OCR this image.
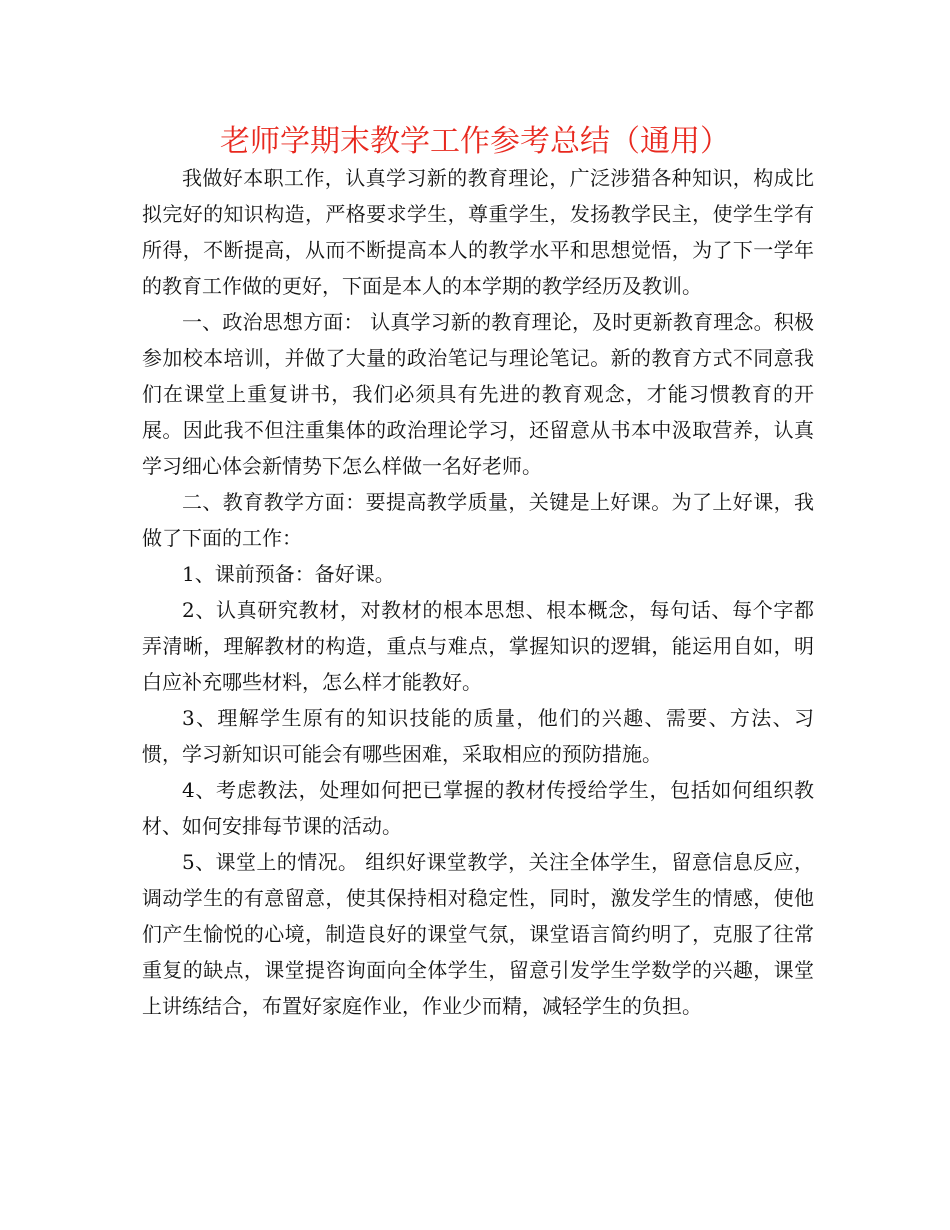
老师学期末教学工作参考总结（通用）

我做好本职工作，认真学习新的教育理论，广泛涉猎各种知识，构成比拟完好的知识构造，严格要求学生，尊重学生，发扬教学民主，使学生学有所得，不断提高，从而不断提高本人的教学水平和思想觉悟，为了下一学年的教育工作做的更好，下面是本人的本学期的教学经历及教训。

一、政治思想方面： 认真学习新的教育理论，及时更新教育理念。积极参加校本培训，并做了大量的政治笔记与理论笔记。新的教育方式不同意我们在课堂上重复讲书，我们必须具有先进的教育观念，才能习惯教育的开展。因此我不但注重集体的政治理论学习，还留意从书本中汲取营养，认真学习细心体会新情势下怎么样做一名好老师。

二、教育教学方面：要提高教学质量，关键是上好课。为了上好课，我做了下面的工作：

1、课前预备：备好课。

2、认真研究教材，对教材的根本思想、根本概念，每句话、每个字都弄清晰，理解教材的构造，重点与难点，掌握知识的逻辑，能运用自如，明白应补充哪些材料，怎么样才能教好。

3、理解学生原有的知识技能的质量，他们的兴趣、需要、方法、习惯，学习新知识可能会有哪些困难，采取相应的预防措施。

4、考虑教法，处理如何把已掌握的教材传授给学生，包括如何组织教材、如何安排每节课的活动。

5、课堂上的情况。 组织好课堂教学，关注全体学生，留意信息反应，调动学生的有意留意，使其保持相对稳定性，同时，激发学生的情感，使他们产生愉悦的心境，制造良好的课堂气氛，课堂语言简约明了，克服了往常重复的缺点，课堂提咨询面向全体学生，留意引发学生学数学的兴趣，课堂上讲练结合，布置好家庭作业，作业少而精，减轻学生的负担。
